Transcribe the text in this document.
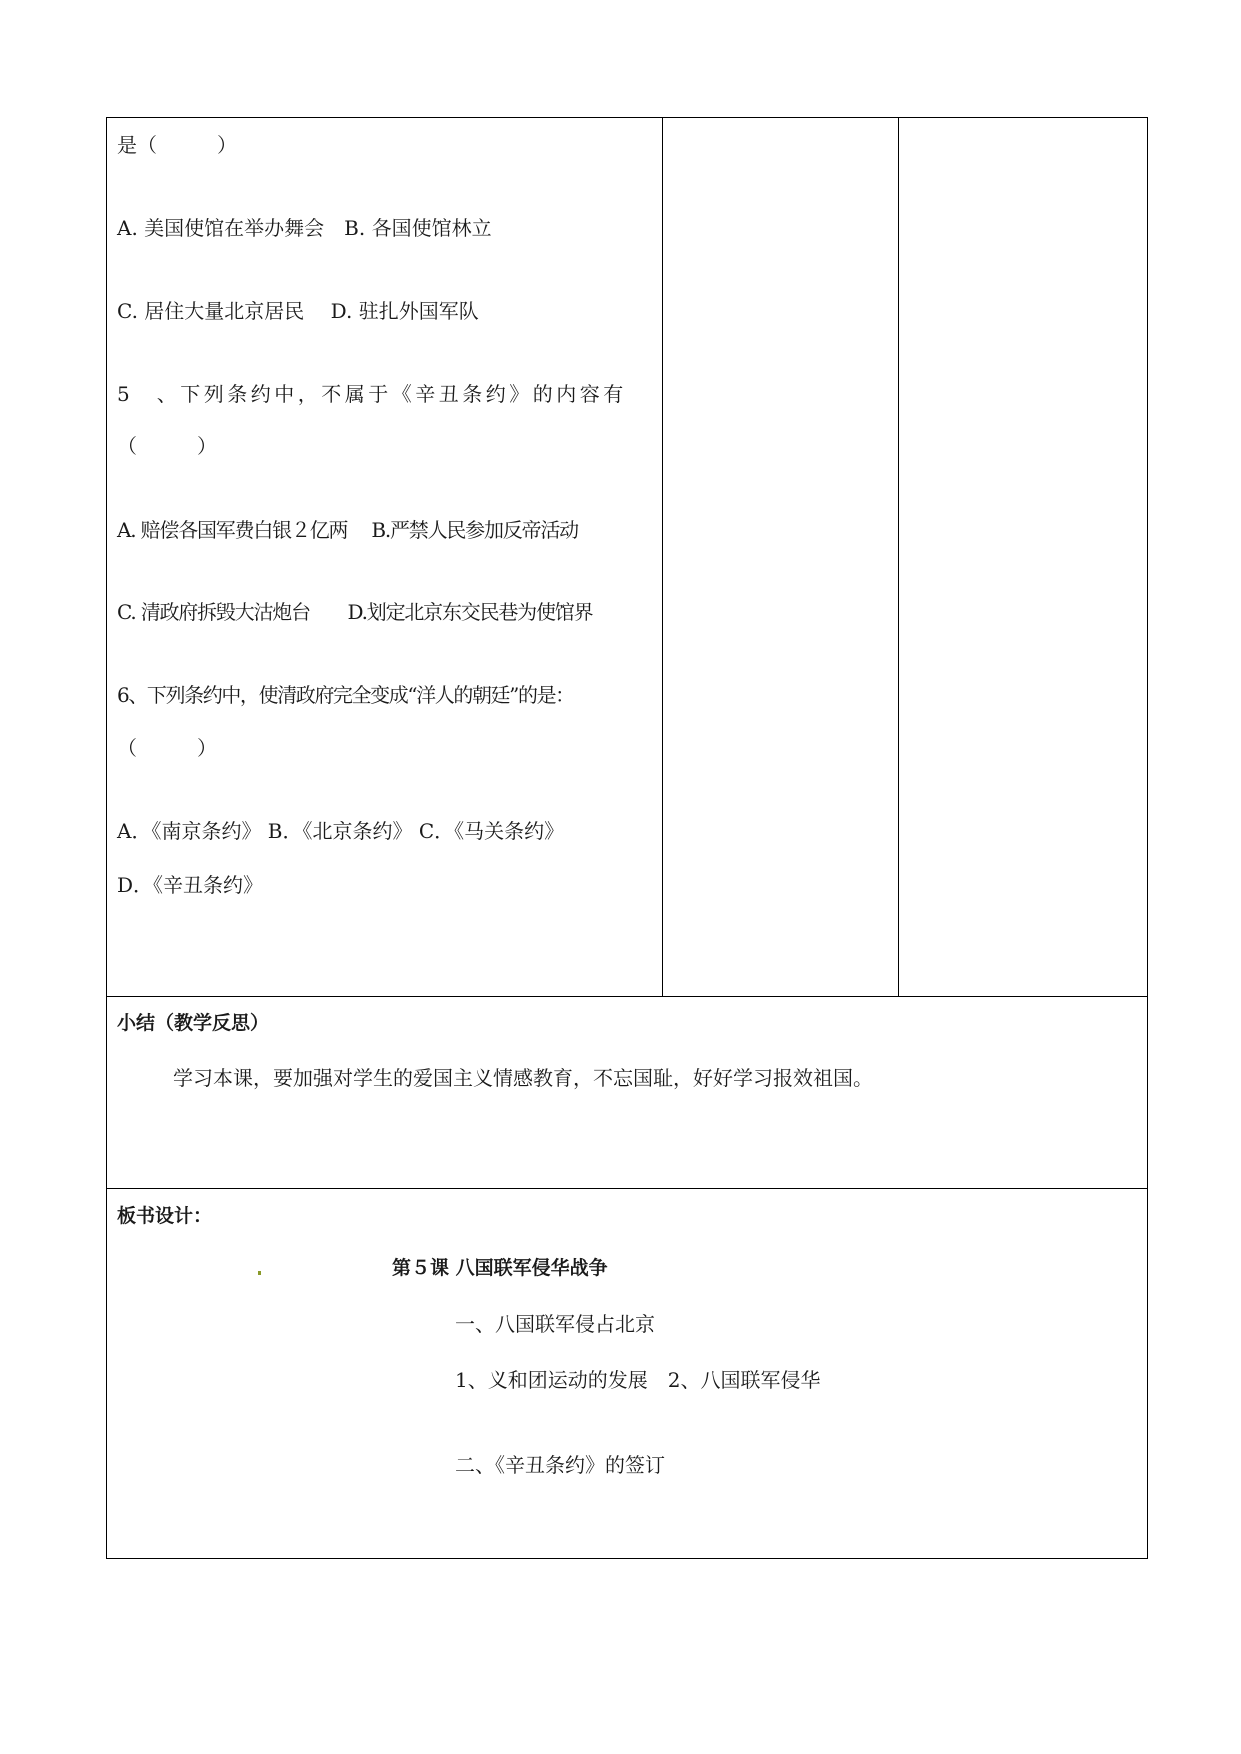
是（　　　）
A. 美国使馆在举办舞会　B. 各国使馆林立
C. 居住大量北京居民　 D. 驻扎外国军队
5　、下列条约中，不属于《辛丑条约》的内容有
（　　　）
A. 赔偿各国军费白银２亿两　 B.严禁人民参加反帝活动
C. 清政府拆毁大沽炮台　　D.划定北京东交民巷为使馆界
6、下列条约中，使清政府完全变成“洋人的朝廷”的是：
（　　　）
A．《南京条约》 B．《北京条约》 C．《马关条约》
D．《辛丑条约》
小结（教学反思）
学习本课，要加强对学生的爱国主义情感教育，不忘国耻，好好学习报效祖国。
板书设计：
第５课 八国联军侵华战争
一、八国联军侵占北京
1、义和团运动的发展　2、八国联军侵华
二、《辛丑条约》的签订
